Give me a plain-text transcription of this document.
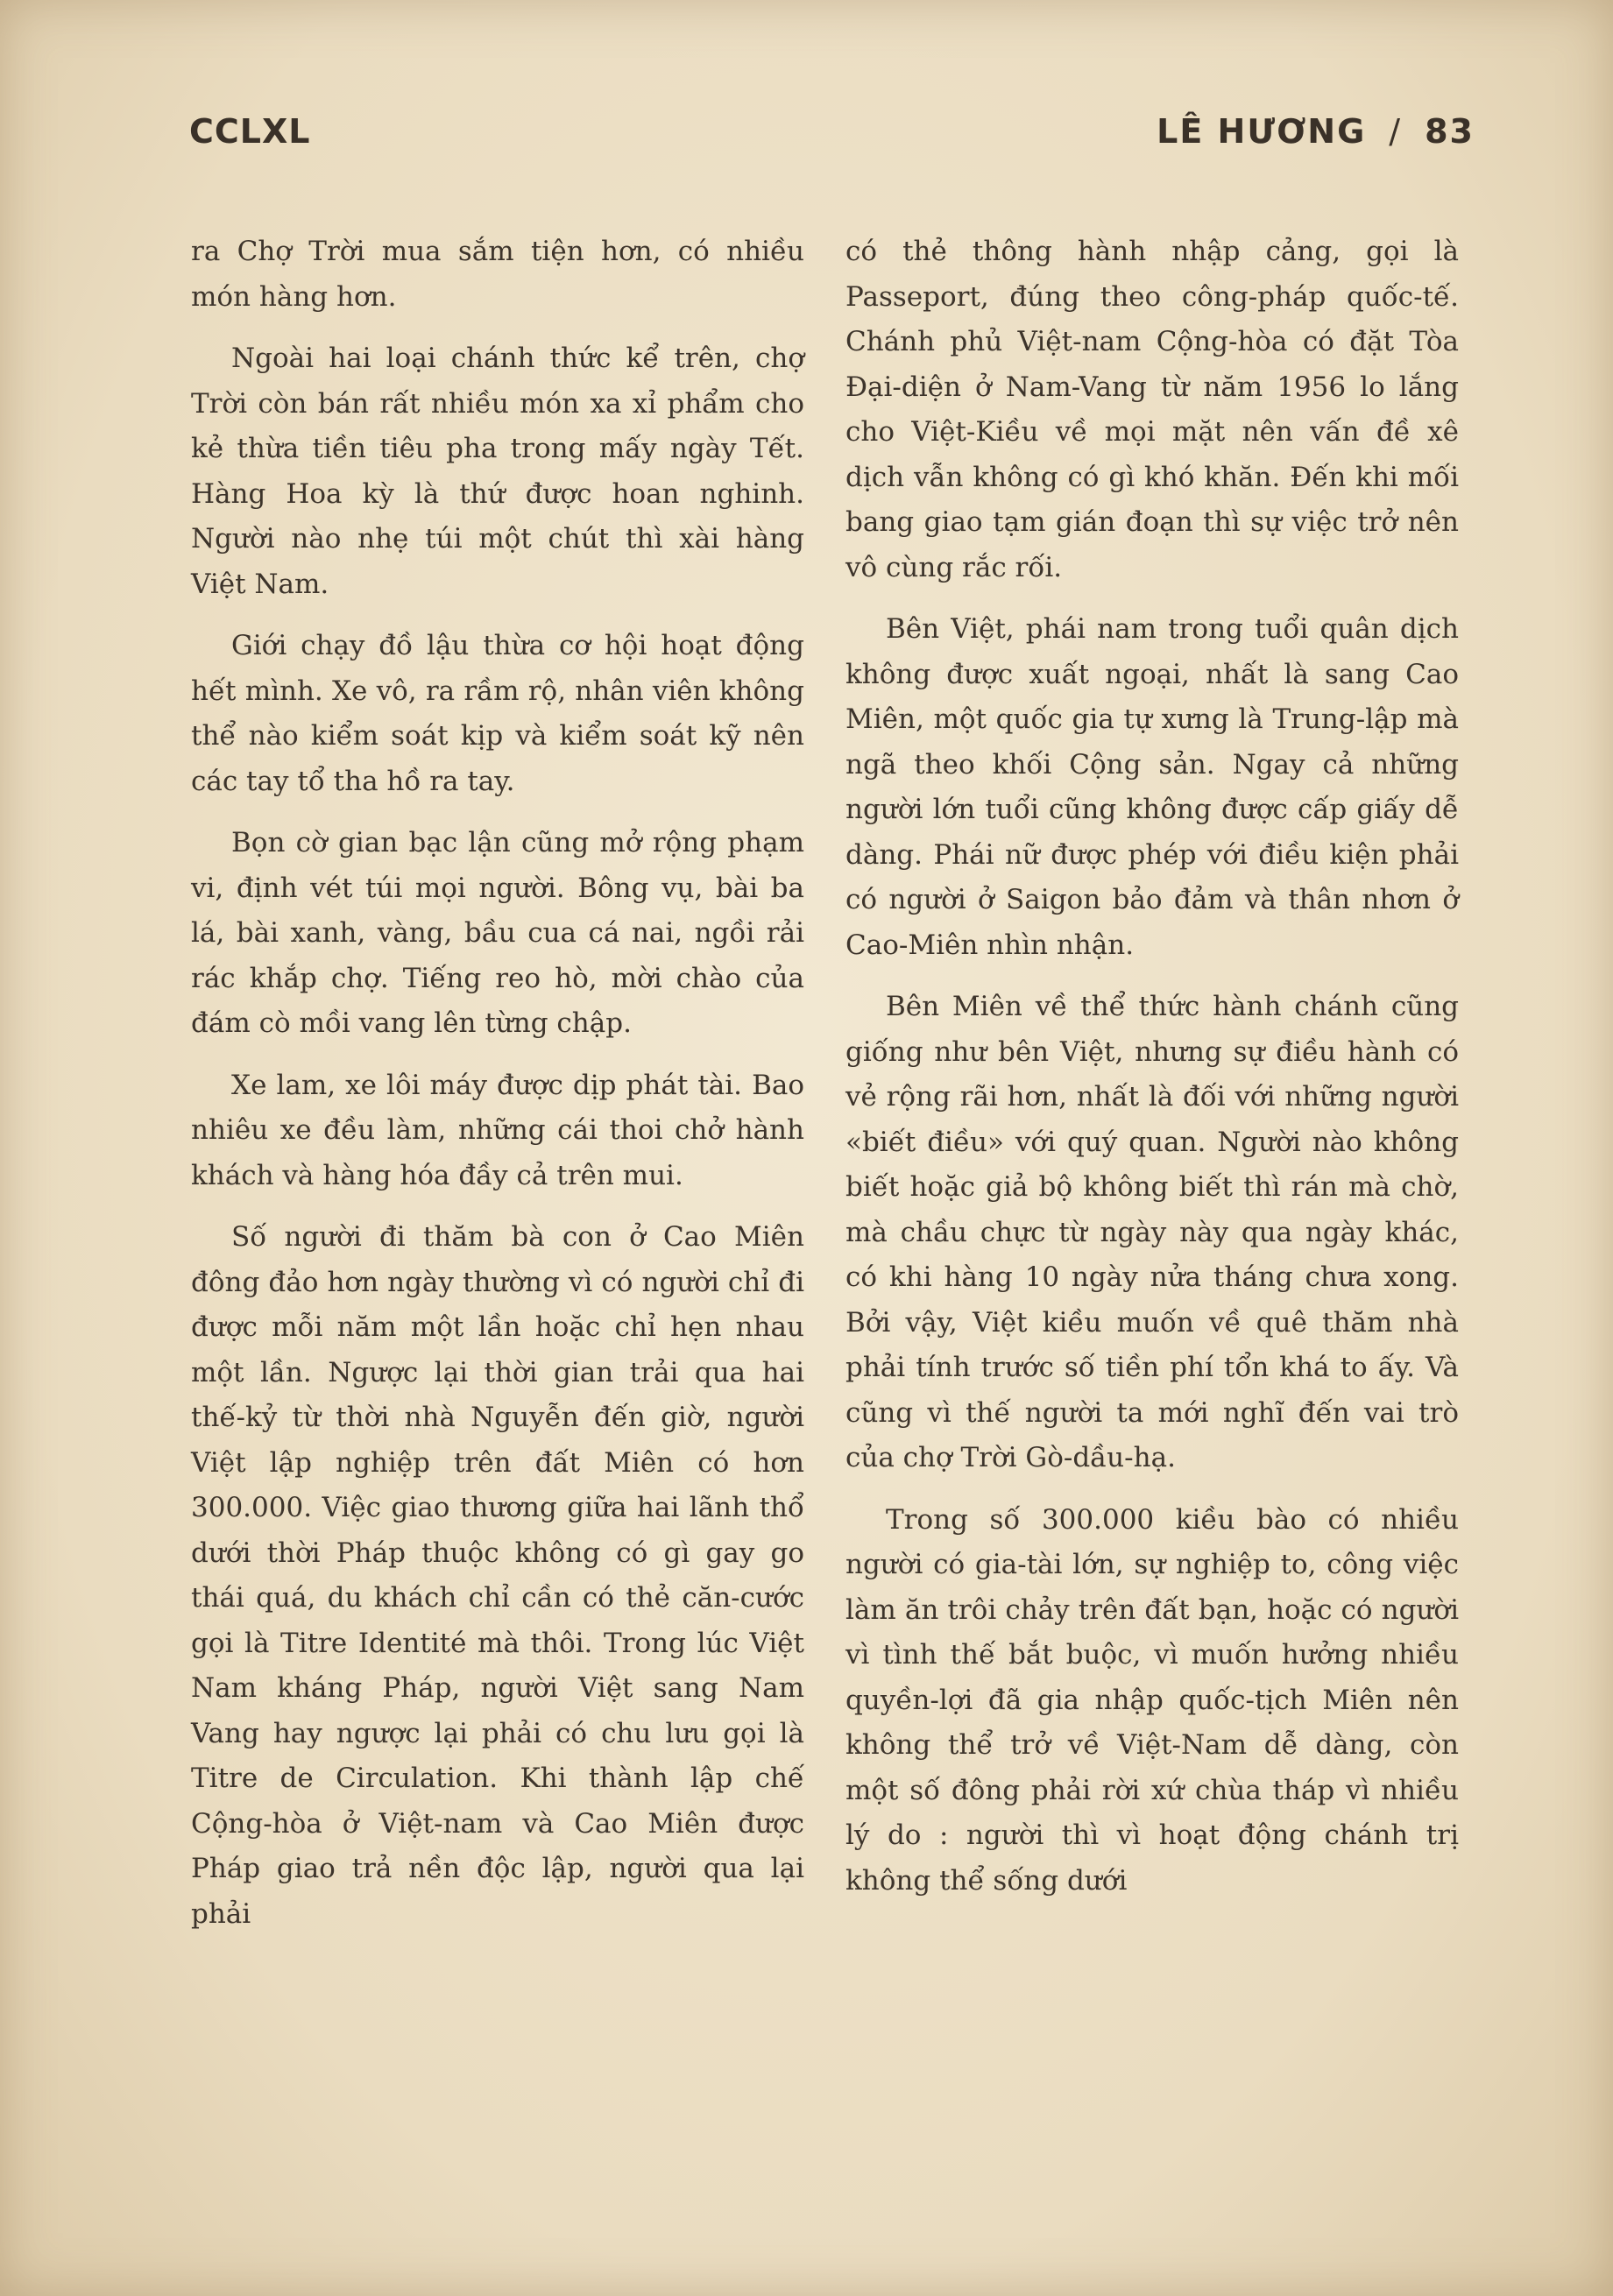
CCLXL	LÊ HƯƠNG / 83

ra Chợ Trời mua sắm tiện hơn, có nhiều món hàng hơn.

Ngoài hai loại chánh thức kể trên, chợ Trời còn bán rất nhiều món xa xỉ phẩm cho kẻ thừa tiền tiêu pha trong mấy ngày Tết. Hàng Hoa kỳ là thứ được hoan nghinh. Người nào nhẹ túi một chút thì xài hàng Việt Nam.

Giới chạy đồ lậu thừa cơ hội hoạt động hết mình. Xe vô, ra rầm rộ, nhân viên không thể nào kiểm soát kịp và kiểm soát kỹ nên các tay tổ tha hồ ra tay.

Bọn cờ gian bạc lận cũng mở rộng phạm vi, định vét túi mọi người. Bông vụ, bài ba lá, bài xanh, vàng, bầu cua cá nai, ngồi rải rác khắp chợ. Tiếng reo hò, mời chào của đám cò mồi vang lên từng chập.

Xe lam, xe lôi máy được dịp phát tài. Bao nhiêu xe đều làm, những cái thoi chở hành khách và hàng hóa đầy cả trên mui.

Số người đi thăm bà con ở Cao Miên đông đảo hơn ngày thường vì có người chỉ đi được mỗi năm một lần hoặc chỉ hẹn nhau một lần. Ngược lại thời gian trải qua hai thế-kỷ từ thời nhà Nguyễn đến giờ, người Việt lập nghiệp trên đất Miên có hơn 300.000. Việc giao thương giữa hai lãnh thổ dưới thời Pháp thuộc không có gì gay go thái quá, du khách chỉ cần có thẻ căn-cước gọi là Titre Identité mà thôi. Trong lúc Việt Nam kháng Pháp, người Việt sang Nam Vang hay ngược lại phải có chu lưu gọi là Titre de Circulation. Khi thành lập chế Cộng-hòa ở Việt-nam và Cao Miên được Pháp giao trả nền độc lập, người qua lại phải

có thẻ thông hành nhập cảng, gọi là Passeport, đúng theo công-pháp quốc-tế. Chánh phủ Việt-nam Cộng-hòa có đặt Tòa Đại-diện ở Nam-Vang từ năm 1956 lo lắng cho Việt-Kiều về mọi mặt nên vấn đề xê dịch vẫn không có gì khó khăn. Đến khi mối bang giao tạm gián đoạn thì sự việc trở nên vô cùng rắc rối.

Bên Việt, phái nam trong tuổi quân dịch không được xuất ngoại, nhất là sang Cao Miên, một quốc gia tự xưng là Trung-lập mà ngã theo khối Cộng sản. Ngay cả những người lớn tuổi cũng không được cấp giấy dễ dàng. Phái nữ được phép với điều kiện phải có người ở Saigon bảo đảm và thân nhơn ở Cao-Miên nhìn nhận.

Bên Miên về thể thức hành chánh cũng giống như bên Việt, nhưng sự điều hành có vẻ rộng rãi hơn, nhất là đối với những người «biết điều» với quý quan. Người nào không biết hoặc giả bộ không biết thì rán mà chờ, mà chầu chực từ ngày này qua ngày khác, có khi hàng 10 ngày nửa tháng chưa xong. Bởi vậy, Việt kiều muốn về quê thăm nhà phải tính trước số tiền phí tổn khá to ấy. Và cũng vì thế người ta mới nghĩ đến vai trò của chợ Trời Gò-dầu-hạ.

Trong số 300.000 kiều bào có nhiều người có gia-tài lớn, sự nghiệp to, công việc làm ăn trôi chảy trên đất bạn, hoặc có người vì tình thế bắt buộc, vì muốn hưởng nhiều quyền-lợi đã gia nhập quốc-tịch Miên nên không thể trở về Việt-Nam dễ dàng, còn một số đông phải rời xứ chùa tháp vì nhiều lý do : người thì vì hoạt động chánh trị không thể sống dưới
